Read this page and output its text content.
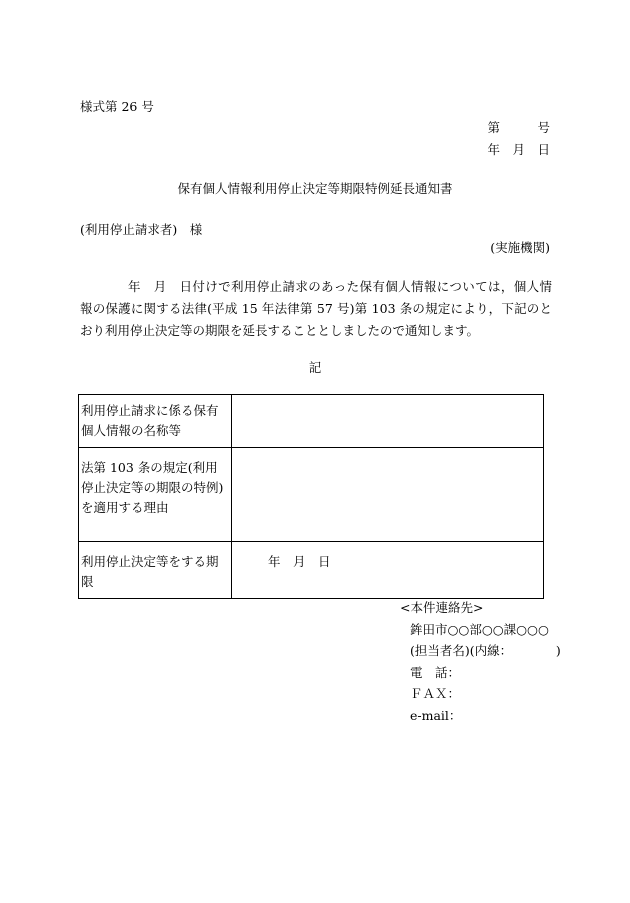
様式第 26 号
第　　　号
年　月　日
保有個人情報利用停止決定等期限特例延長通知書
(利用停止請求者)　様
(実施機関)
年　月　日付けで利用停止請求のあった保有個人情報については，個人情報の保護に関する法律(平成 15 年法律第 57 号)第 103 条の規定により，下記のとおり利用停止決定等の期限を延長することとしましたので通知します。
記
利用停止請求に係る保有個人情報の名称等	
法第 103 条の規定(利用停止決定等の期限の特例)を適用する理由	
利用停止決定等をする期限	年　月　日
<本件連絡先>
鉾田市○○部○○課○○○
(担当者名)(内線：　　　　)
電　話：
ＦＡＸ：
e-mail：
